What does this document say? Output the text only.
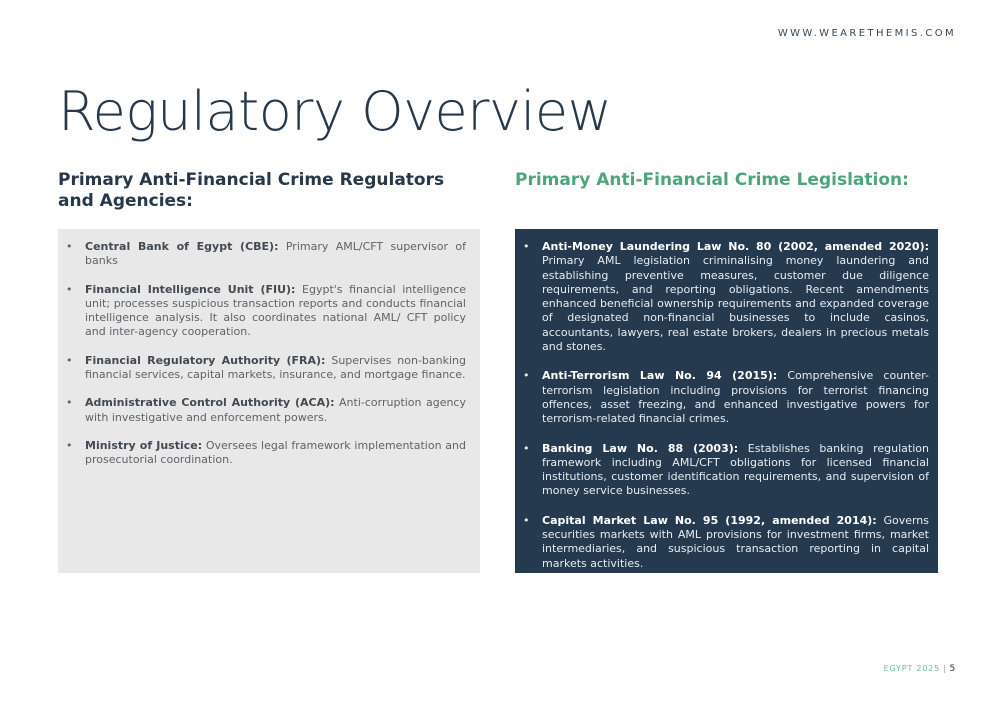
WWW.WEARETHEMIS.COM
Regulatory Overview
Primary Anti-Financial Crime Regulators and Agencies:
Primary Anti-Financial Crime Legislation:
• Central Bank of Egypt (CBE): Primary AML/CFT supervisor of banks
• Financial Intelligence Unit (FIU): Egypt's financial intelligence unit; processes suspicious transaction reports and conducts financial intelligence analysis. It also coordinates national AML/ CFT policy and inter-agency cooperation.
• Financial Regulatory Authority (FRA): Supervises non-banking financial services, capital markets, insurance, and mortgage finance.
• Administrative Control Authority (ACA): Anti-corruption agency with investigative and enforcement powers.
• Ministry of Justice: Oversees legal framework implementation and prosecutorial coordination.
• Anti-Money Laundering Law No. 80 (2002, amended 2020): Primary AML legislation criminalising money laundering and establishing preventive measures, customer due diligence requirements, and reporting obligations. Recent amendments enhanced beneficial ownership requirements and expanded coverage of designated non-financial businesses to include casinos, accountants, lawyers, real estate brokers, dealers in precious metals and stones.
• Anti-Terrorism Law No. 94 (2015): Comprehensive counter-terrorism legislation including provisions for terrorist financing offences, asset freezing, and enhanced investigative powers for terrorism-related financial crimes.
• Banking Law No. 88 (2003): Establishes banking regulation framework including AML/CFT obligations for licensed financial institutions, customer identification requirements, and supervision of money service businesses.
• Capital Market Law No. 95 (1992, amended 2014): Governs securities markets with AML provisions for investment firms, market intermediaries, and suspicious transaction reporting in capital markets activities.
EGYPT 2025 | 5
